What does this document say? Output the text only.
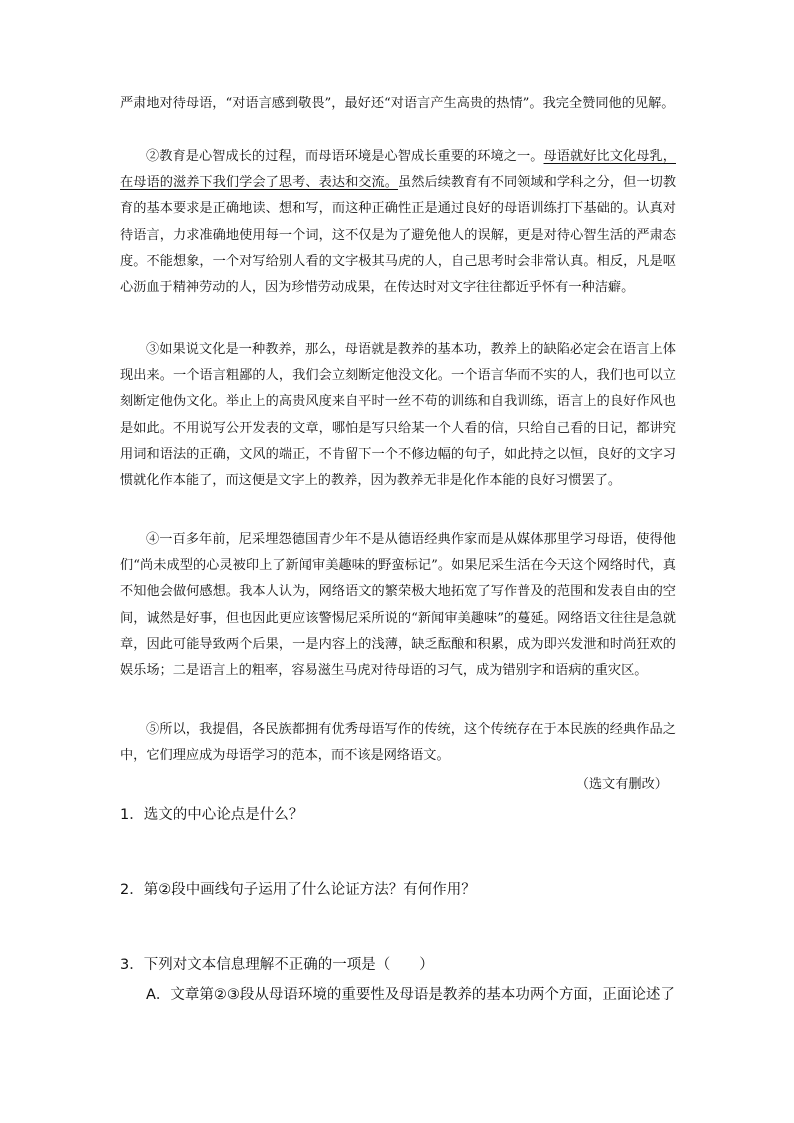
严肃地对待母语，“对语言感到敬畏”，最好还“对语言产生高贵的热情”。我完全赞同他的见解。

②教育是心智成长的过程，而母语环境是心智成长重要的环境之一。母语就好比文化母乳，在母语的滋养下我们学会了思考、表达和交流。虽然后续教育有不同领域和学科之分，但一切教育的基本要求是正确地读、想和写，而这种正确性正是通过良好的母语训练打下基础的。认真对待语言，力求准确地使用每一个词，这不仅是为了避免他人的误解，更是对待心智生活的严肃态度。不能想象，一个对写给别人看的文字极其马虎的人，自己思考时会非常认真。相反，凡是呕心沥血于精神劳动的人，因为珍惜劳动成果，在传达时对文字往往都近乎怀有一种洁癖。

③如果说文化是一种教养，那么，母语就是教养的基本功，教养上的缺陷必定会在语言上体现出来。一个语言粗鄙的人，我们会立刻断定他没文化。一个语言华而不实的人，我们也可以立刻断定他伪文化。举止上的高贵风度来自平时一丝不苟的训练和自我训练，语言上的良好作风也是如此。不用说写公开发表的文章，哪怕是写只给某一个人看的信，只给自己看的日记，都讲究用词和语法的正确，文风的端正，不肯留下一个不修边幅的句子，如此持之以恒，良好的文字习惯就化作本能了，而这便是文字上的教养，因为教养无非是化作本能的良好习惯罢了。

④一百多年前，尼采埋怨德国青少年不是从德语经典作家而是从媒体那里学习母语，使得他们“尚未成型的心灵被印上了新闻审美趣味的野蛮标记”。如果尼采生活在今天这个网络时代，真不知他会做何感想。我本人认为，网络语文的繁荣极大地拓宽了写作普及的范围和发表自由的空间，诚然是好事，但也因此更应该警惕尼采所说的“新闻审美趣味”的蔓延。网络语文往往是急就章，因此可能导致两个后果，一是内容上的浅薄，缺乏酝酿和积累，成为即兴发泄和时尚狂欢的娱乐场；二是语言上的粗率，容易滋生马虎对待母语的习气，成为错别字和语病的重灾区。

⑤所以，我提倡，各民族都拥有优秀母语写作的传统，这个传统存在于本民族的经典作品之中，它们理应成为母语学习的范本，而不该是网络语文。

（选文有删改）
1．选文的中心论点是什么？
2．第②段中画线句子运用了什么论证方法？有何作用？
3．下列对文本信息理解不正确的一项是（　　）
A．文章第②③段从母语环境的重要性及母语是教养的基本功两个方面，正面论述了
